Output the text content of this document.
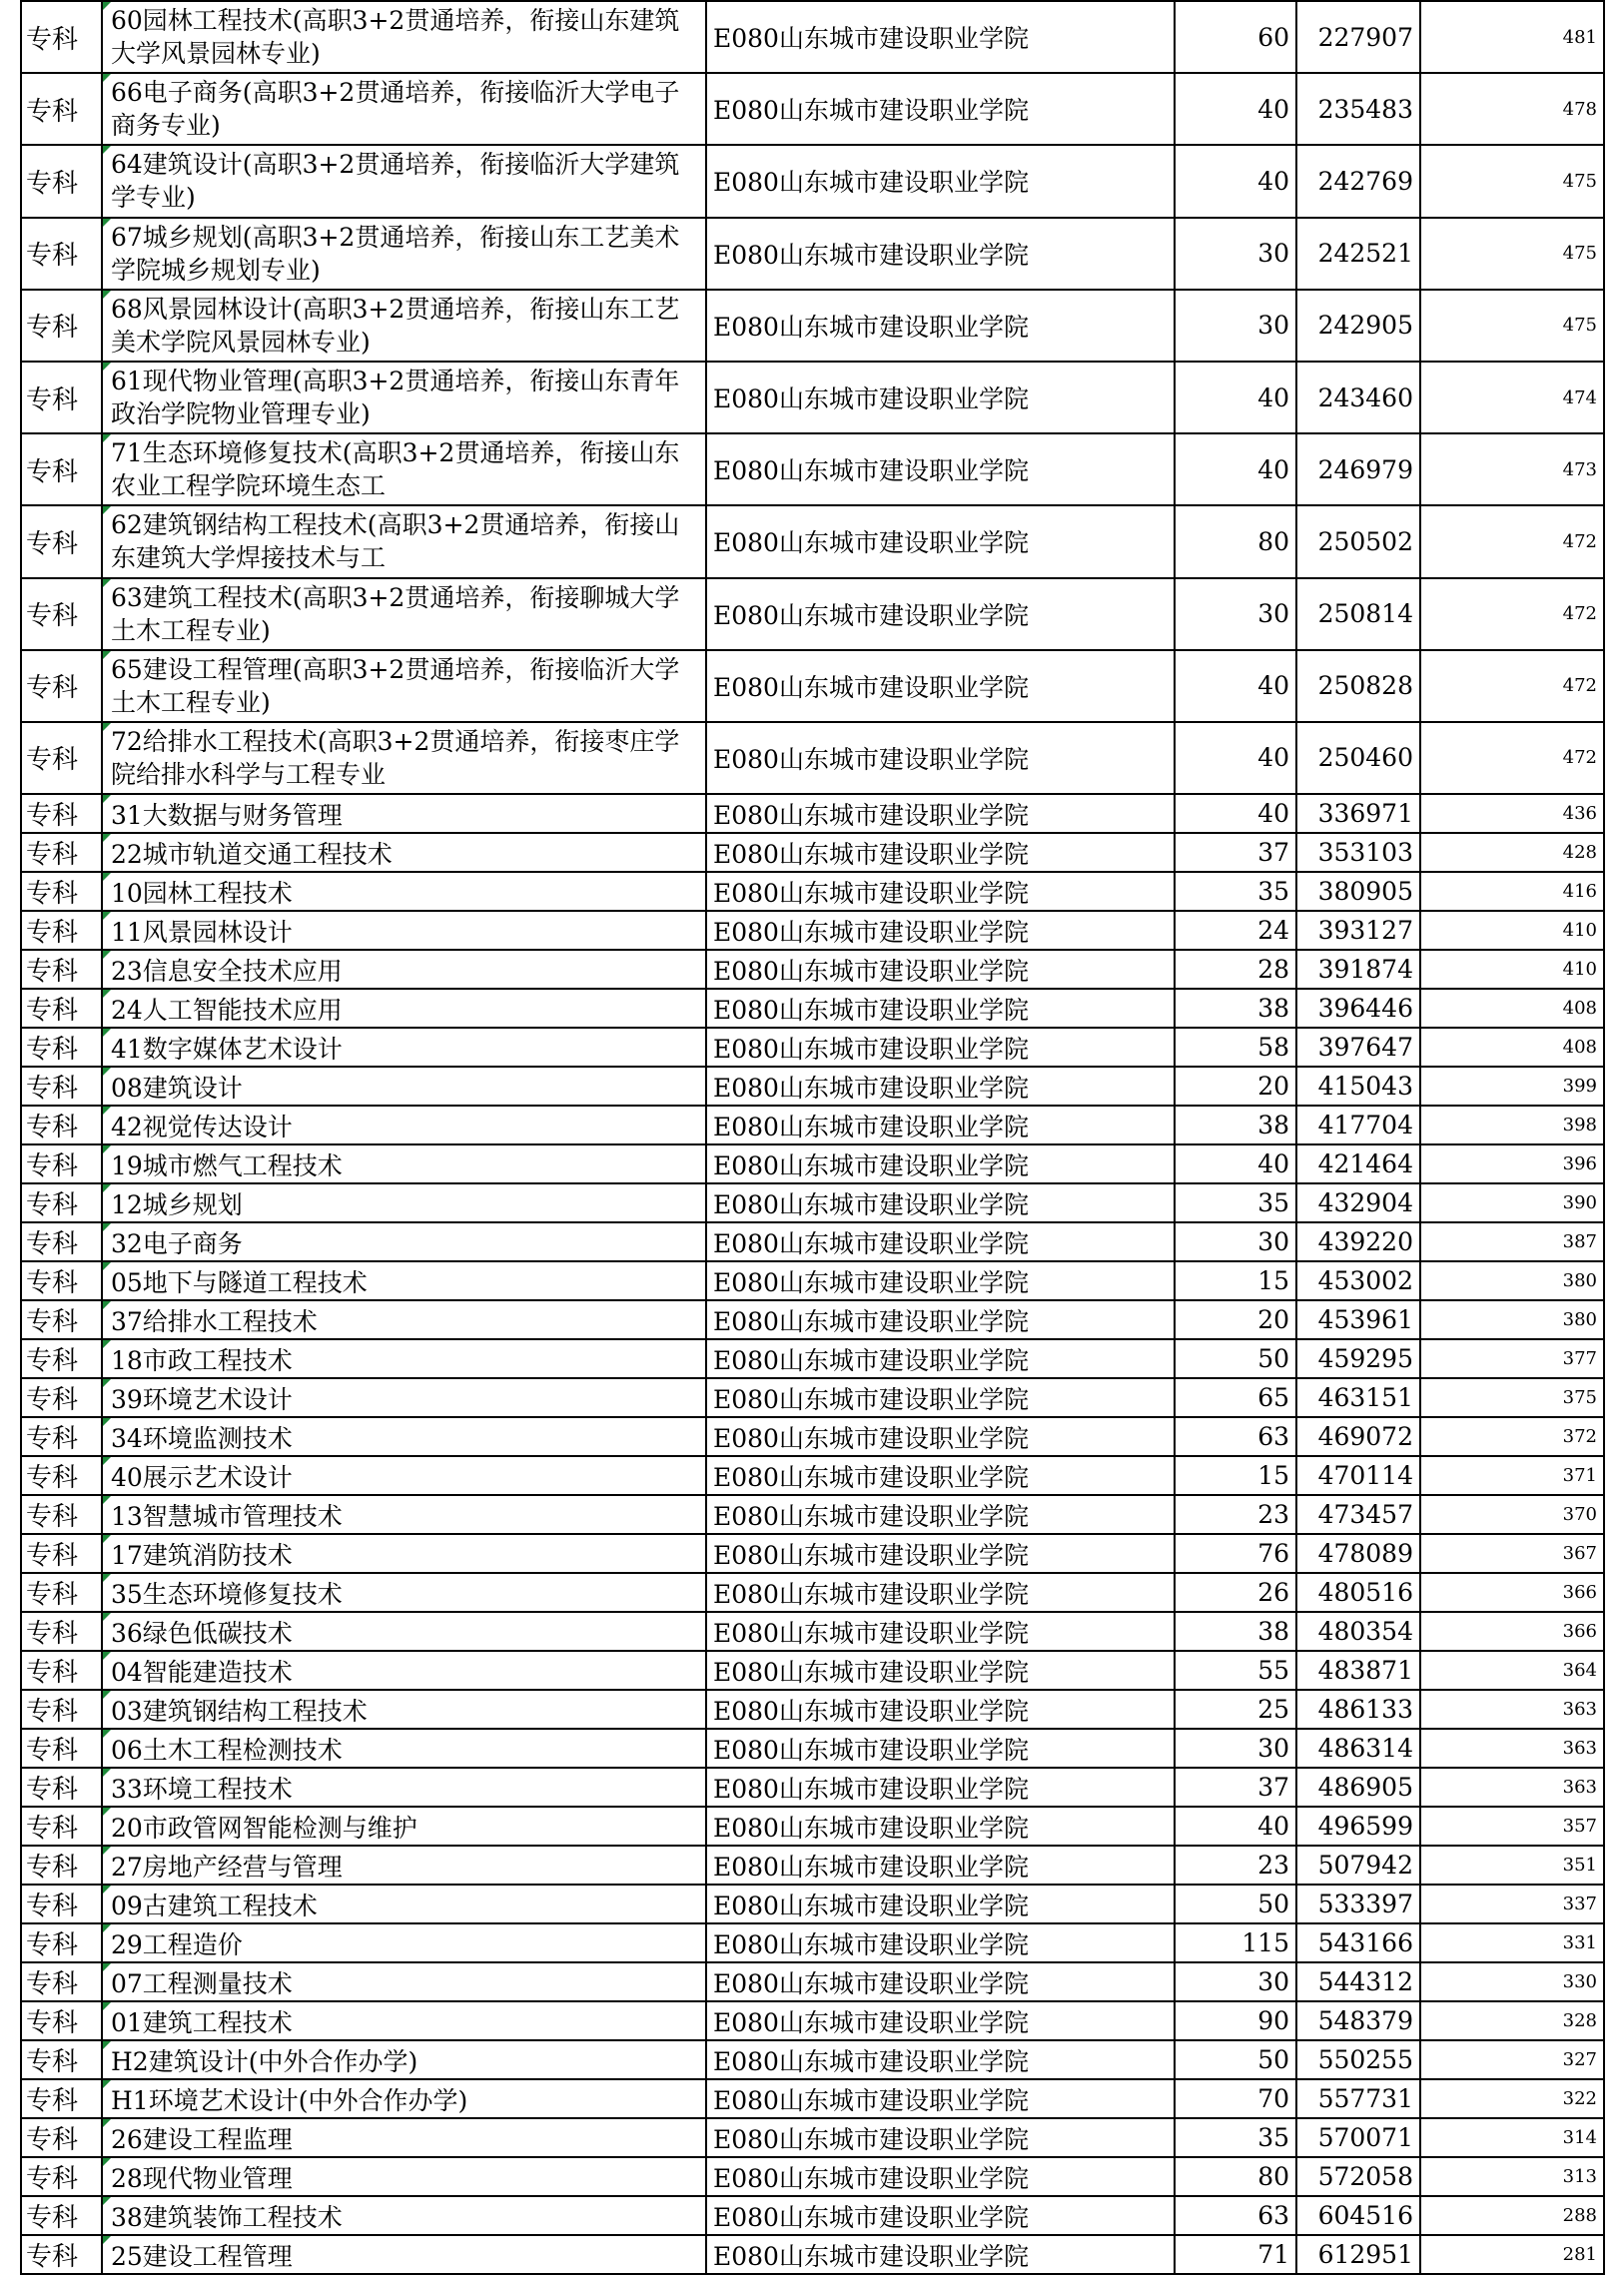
专科	60园林工程技术(高职3+2贯通培养，衔接山东建筑大学风景园林专业)	E080山东城市建设职业学院	60	227907	481
专科	66电子商务(高职3+2贯通培养，衔接临沂大学电子商务专业)	E080山东城市建设职业学院	40	235483	478
专科	64建筑设计(高职3+2贯通培养，衔接临沂大学建筑学专业)	E080山东城市建设职业学院	40	242769	475
专科	67城乡规划(高职3+2贯通培养，衔接山东工艺美术学院城乡规划专业)	E080山东城市建设职业学院	30	242521	475
专科	68风景园林设计(高职3+2贯通培养，衔接山东工艺美术学院风景园林专业)	E080山东城市建设职业学院	30	242905	475
专科	61现代物业管理(高职3+2贯通培养，衔接山东青年政治学院物业管理专业)	E080山东城市建设职业学院	40	243460	474
专科	71生态环境修复技术(高职3+2贯通培养，衔接山东农业工程学院环境生态工	E080山东城市建设职业学院	40	246979	473
专科	62建筑钢结构工程技术(高职3+2贯通培养，衔接山东建筑大学焊接技术与工	E080山东城市建设职业学院	80	250502	472
专科	63建筑工程技术(高职3+2贯通培养，衔接聊城大学土木工程专业)	E080山东城市建设职业学院	30	250814	472
专科	65建设工程管理(高职3+2贯通培养，衔接临沂大学土木工程专业)	E080山东城市建设职业学院	40	250828	472
专科	72给排水工程技术(高职3+2贯通培养，衔接枣庄学院给排水科学与工程专业	E080山东城市建设职业学院	40	250460	472
专科	31大数据与财务管理	E080山东城市建设职业学院	40	336971	436
专科	22城市轨道交通工程技术	E080山东城市建设职业学院	37	353103	428
专科	10园林工程技术	E080山东城市建设职业学院	35	380905	416
专科	11风景园林设计	E080山东城市建设职业学院	24	393127	410
专科	23信息安全技术应用	E080山东城市建设职业学院	28	391874	410
专科	24人工智能技术应用	E080山东城市建设职业学院	38	396446	408
专科	41数字媒体艺术设计	E080山东城市建设职业学院	58	397647	408
专科	08建筑设计	E080山东城市建设职业学院	20	415043	399
专科	42视觉传达设计	E080山东城市建设职业学院	38	417704	398
专科	19城市燃气工程技术	E080山东城市建设职业学院	40	421464	396
专科	12城乡规划	E080山东城市建设职业学院	35	432904	390
专科	32电子商务	E080山东城市建设职业学院	30	439220	387
专科	05地下与隧道工程技术	E080山东城市建设职业学院	15	453002	380
专科	37给排水工程技术	E080山东城市建设职业学院	20	453961	380
专科	18市政工程技术	E080山东城市建设职业学院	50	459295	377
专科	39环境艺术设计	E080山东城市建设职业学院	65	463151	375
专科	34环境监测技术	E080山东城市建设职业学院	63	469072	372
专科	40展示艺术设计	E080山东城市建设职业学院	15	470114	371
专科	13智慧城市管理技术	E080山东城市建设职业学院	23	473457	370
专科	17建筑消防技术	E080山东城市建设职业学院	76	478089	367
专科	35生态环境修复技术	E080山东城市建设职业学院	26	480516	366
专科	36绿色低碳技术	E080山东城市建设职业学院	38	480354	366
专科	04智能建造技术	E080山东城市建设职业学院	55	483871	364
专科	03建筑钢结构工程技术	E080山东城市建设职业学院	25	486133	363
专科	06土木工程检测技术	E080山东城市建设职业学院	30	486314	363
专科	33环境工程技术	E080山东城市建设职业学院	37	486905	363
专科	20市政管网智能检测与维护	E080山东城市建设职业学院	40	496599	357
专科	27房地产经营与管理	E080山东城市建设职业学院	23	507942	351
专科	09古建筑工程技术	E080山东城市建设职业学院	50	533397	337
专科	29工程造价	E080山东城市建设职业学院	115	543166	331
专科	07工程测量技术	E080山东城市建设职业学院	30	544312	330
专科	01建筑工程技术	E080山东城市建设职业学院	90	548379	328
专科	H2建筑设计(中外合作办学)	E080山东城市建设职业学院	50	550255	327
专科	H1环境艺术设计(中外合作办学)	E080山东城市建设职业学院	70	557731	322
专科	26建设工程监理	E080山东城市建设职业学院	35	570071	314
专科	28现代物业管理	E080山东城市建设职业学院	80	572058	313
专科	38建筑装饰工程技术	E080山东城市建设职业学院	63	604516	288
专科	25建设工程管理	E080山东城市建设职业学院	71	612951	281
